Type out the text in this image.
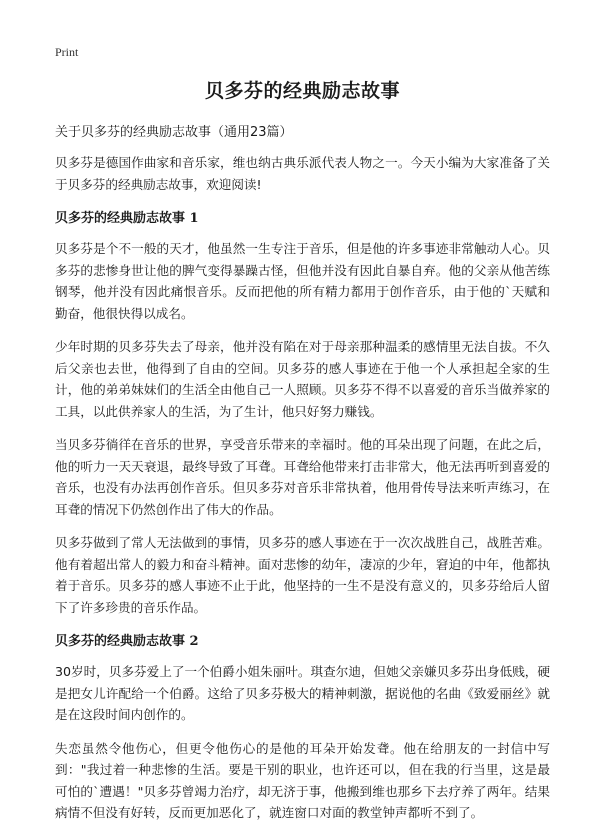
Print
贝多芬的经典励志故事
关于贝多芬的经典励志故事（通用23篇）

贝多芬是德国作曲家和音乐家，维也纳古典乐派代表人物之一。今天小编为大家准备了关于贝多芬的经典励志故事，欢迎阅读!

贝多芬的经典励志故事 1

贝多芬是个不一般的天才，他虽然一生专注于音乐，但是他的许多事迹非常触动人心。贝多芬的悲惨身世让他的脾气变得暴躁古怪，但他并没有因此自暴自弃。他的父亲从他苦练钢琴，他并没有因此痛恨音乐。反而把他的所有精力都用于创作音乐，由于他的`天赋和勤奋，他很快得以成名。

少年时期的贝多芬失去了母亲，他并没有陷在对于母亲那种温柔的感情里无法自拔。不久后父亲也去世，他得到了自由的空间。贝多芬的感人事迹在于他一个人承担起全家的生计，他的弟弟妹妹们的生活全由他自己一人照顾。贝多芬不得不以喜爱的音乐当做养家的工具，以此供养家人的生活，为了生计，他只好努力赚钱。

当贝多芬徜徉在音乐的世界，享受音乐带来的幸福时。他的耳朵出现了问题，在此之后，他的听力一天天衰退，最终导致了耳聋。耳聋给他带来打击非常大，他无法再听到喜爱的音乐，也没有办法再创作音乐。但贝多芬对音乐非常执着，他用骨传导法来听声练习，在耳聋的情况下仍然创作出了伟大的作品。

贝多芬做到了常人无法做到的事情，贝多芬的感人事迹在于一次次战胜自己，战胜苦难。他有着超出常人的毅力和奋斗精神。面对悲惨的幼年，凄凉的少年，窘迫的中年，他都执着于音乐。贝多芬的感人事迹不止于此，他坚持的一生不是没有意义的，贝多芬给后人留下了许多珍贵的音乐作品。

贝多芬的经典励志故事 2

30岁时，贝多芬爱上了一个伯爵小姐朱丽叶。琪查尔迪，但她父亲嫌贝多芬出身低贱，硬是把女儿许配给一个伯爵。这给了贝多芬极大的精神刺激，据说他的名曲《致爱丽丝》就是在这段时间内创作的。

失恋虽然令他伤心，但更令他伤心的是他的耳朵开始发聋。他在给朋友的一封信中写到："我过着一种悲惨的生活。要是干别的职业，也许还可以，但在我的行当里，这是最可怕的`遭遇！"贝多芬曾竭力治疗，却无济于事，他搬到维也那乡下去疗养了两年。结果病情不但没有好转，反而更加恶化了，就连窗口对面的教堂钟声都听不到了。
